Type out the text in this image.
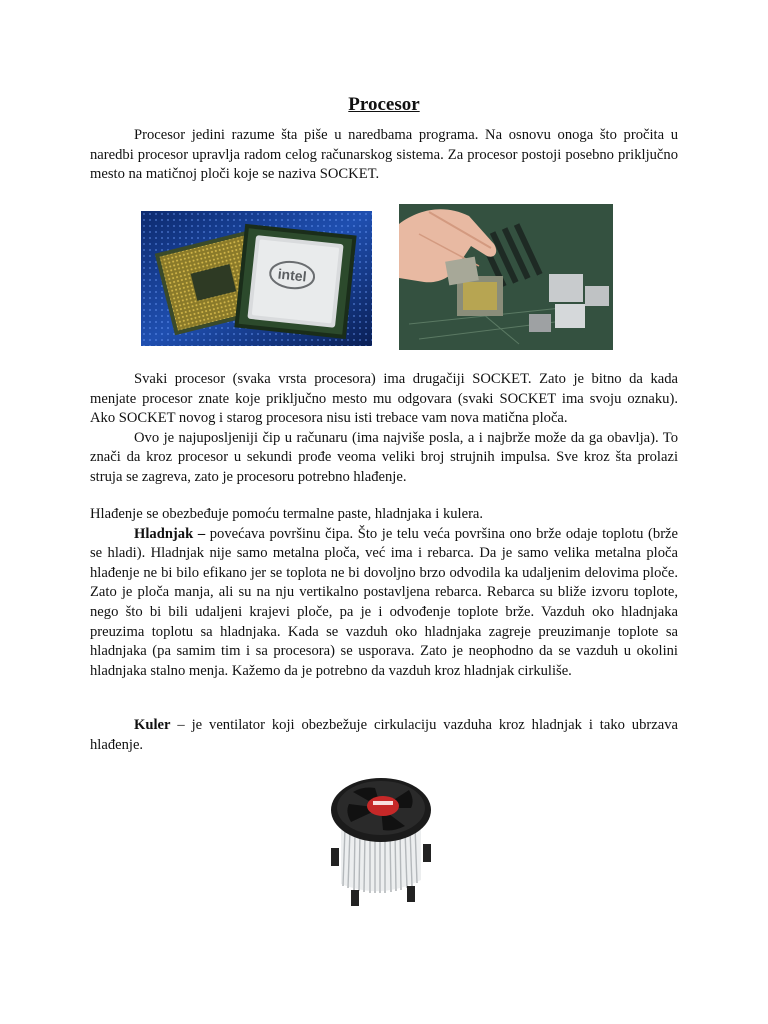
Procesor

Procesor jedini razume šta piše u naredbama programa. Na osnovu onoga što pročita u naredbi procesor upravlja radom celog računarskog sistema. Za procesor postoji posebno priključno mesto na matičnoj ploči koje se naziva SOCKET.

intel

Svaki procesor (svaka vrsta procesora) ima drugačiji SOCKET. Zato je bitno da kada menjate procesor znate koje priključno mesto mu odgovara (svaki SOCKET ima svoju oznaku). Ako SOCKET novog i starog procesora nisu isti trebace vam nova matična ploča.

Ovo je najuposlјeniji čip u računaru (ima najviše posla, a i najbrže može da ga obavlja). To znači da kroz procesor u sekundi prođe veoma veliki broj strujnih impulsa. Sve kroz šta prolazi struja se zagreva, zato je procesoru potrebno hlađenje.

Hlađenje se obezbeđuje pomoću termalne paste, hladnjaka i kulera.

Hladnjak – povećava površinu čipa. Što je telu veća površina ono brže odaje toplotu (brže se hladi). Hladnjak nije samo metalna ploča, već ima i rebarca. Da je samo velika metalna ploča hlađenje ne bi bilo efikano jer se toplota ne bi dovoljno brzo odvodila ka udaljenim delovima ploče. Zato je ploča manja, ali su na nju vertikalno postavljena rebarca. Rebarca su bliže izvoru toplote, nego što bi bili udaljeni krajevi ploče, pa je i odvođenje toplote brže. Vazduh oko hladnjaka preuzima toplotu sa hladnjaka. Kada se vazduh oko hladnjaka zagreje preuzimanje toplote sa hladnjaka (pa samim tim i sa procesora) se usporava. Zato je neophodno da se vazduh u okolini hladnjaka stalno menja. Kažemo da je potrebno da vazduh kroz hladnjak cirkuliše.

Kuler – je ventilator koji obezbežuje cirkulaciju vazduha kroz hladnjak i tako ubrzava hlađenje.
